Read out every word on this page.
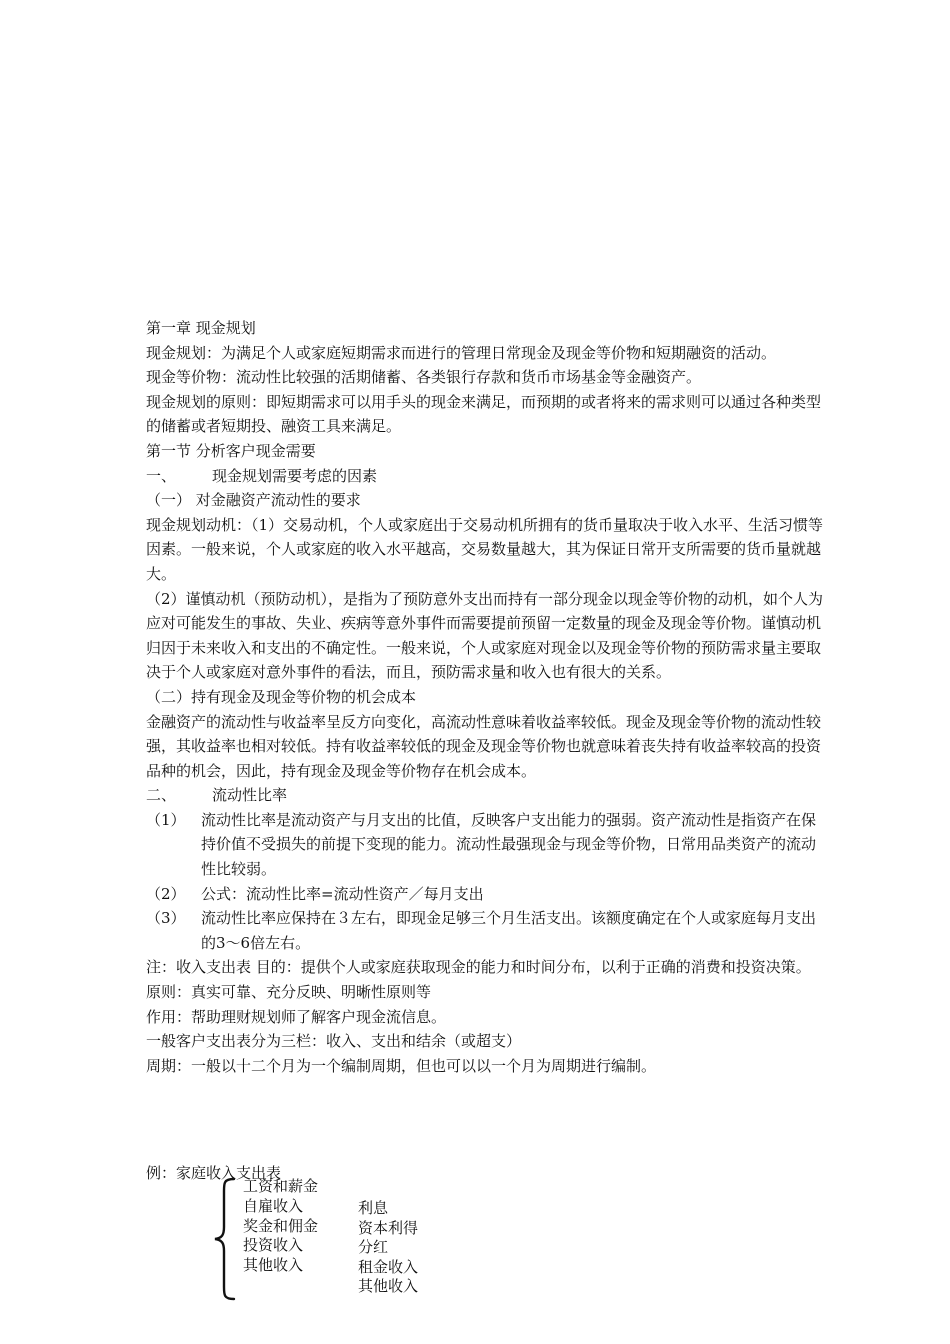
第一章 现金规划

现金规划：为满足个人或家庭短期需求而进行的管理日常现金及现金等价物和短期融资的活动。

现金等价物：流动性比较强的活期储蓄、各类银行存款和货币市场基金等金融资产。

现金规划的原则：即短期需求可以用手头的现金来满足，而预期的或者将来的需求则可以通过各种类型的储蓄或者短期投、融资工具来满足。

第一节 分析客户现金需要

一、 现金规划需要考虑的因素

（一） 对金融资产流动性的要求

现金规划动机：（1）交易动机，个人或家庭出于交易动机所拥有的货币量取决于收入水平、生活习惯等因素。一般来说，个人或家庭的收入水平越高，交易数量越大，其为保证日常开支所需要的货币量就越大。

（2）谨慎动机（预防动机），是指为了预防意外支出而持有一部分现金以现金等价物的动机，如个人为应对可能发生的事故、失业、疾病等意外事件而需要提前预留一定数量的现金及现金等价物。谨慎动机归因于未来收入和支出的不确定性。一般来说，个人或家庭对现金以及现金等价物的预防需求量主要取决于个人或家庭对意外事件的看法，而且，预防需求量和收入也有很大的关系。

（二）持有现金及现金等价物的机会成本

金融资产的流动性与收益率呈反方向变化，高流动性意味着收益率较低。现金及现金等价物的流动性较强，其收益率也相对较低。持有收益率较低的现金及现金等价物也就意味着丧失持有收益率较高的投资品种的机会，因此，持有现金及现金等价物存在机会成本。

二、 流动性比率

（1）	流动性比率是流动资产与月支出的比值，反映客户支出能力的强弱。资产流动性是指资产在保持价值不受损失的前提下变现的能力。流动性最强现金与现金等价物，日常用品类资产的流动性比较弱。
（2）	公式：流动性比率=流动性资产／每月支出
（3）	流动性比率应保持在３左右，即现金足够三个月生活支出。该额度确定在个人或家庭每月支出的3～6倍左右。

注：收入支出表 目的：提供个人或家庭获取现金的能力和时间分布，以利于正确的消费和投资决策。

原则：真实可靠、充分反映、明晰性原则等

作用：帮助理财规划师了解客户现金流信息。

一般客户支出表分为三栏：收入、支出和结余（或超支）

周期：一般以十二个月为一个编制周期，但也可以以一个月为周期进行编制。

例：家庭收入支出表
工资和薪金
自雇收入
奖金和佣金
投资收入
其他收入
利息
资本利得
分红
租金收入
其他收入
